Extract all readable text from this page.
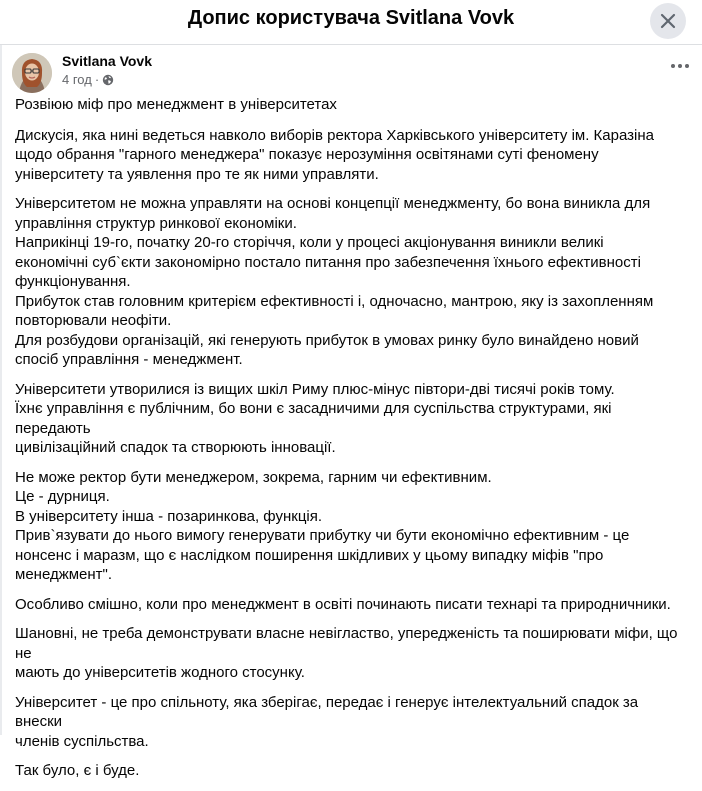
Допис користувача Svitlana Vovk
Svitlana Vovk
4 год ·

Розвіюю міф про менеджмент в університетах

Дискусія, яка нині ведеться навколо виборів ректора Харківського університету ім. Каразіна
щодо обрання "гарного менеджера" показує нерозуміння освітянами суті феномену
університету та уявлення про те як ними управляти.

Університетом не можна управляти на основі концепції менеджменту, бо вона виникла для
управління структур ринкової економіки.
Наприкінці 19-го, початку 20-го сторіччя, коли у процесі акціонування виникли великі
економічні суб`єкти закономірно постало питання про забезпечення їхнього ефективності
функціонування.
Прибуток став головним критерієм ефективності і, одночасно, мантрою, яку із захопленням
повторювали неофіти.
Для розбудови організацій, які генерують прибуток в умовах ринку було винайдено новий
спосіб управління - менеджмент.

Університети утворилися із вищих шкіл Риму плюс-мінус півтори-дві тисячі років тому.
Їхнє управління є публічним, бо вони є засадничими для суспільства структурами, які передають
цивілізаційний спадок та створюють інновації.

Не може ректор бути менеджером, зокрема, гарним чи ефективним.
Це - дурниця.
В університету інша - позаринкова, функція.
Прив`язувати до нього вимогу генерувати прибутку чи бути економічно ефективним - це
нонсенс і маразм, що є наслідком поширення шкідливих у цьому випадку міфів "про
менеджмент".

Особливо смішно, коли про менеджмент в освіті починають писати технарі та природничники.

Шановні, не треба демонструвати власне невігластво, упередженість та поширювати міфи, що не
мають до університетів жодного стосунку.

Університет - це про спільноту, яка зберігає, передає і генерує інтелектуальний спадок за внески
членів суспільства.

Так було, є і буде.
